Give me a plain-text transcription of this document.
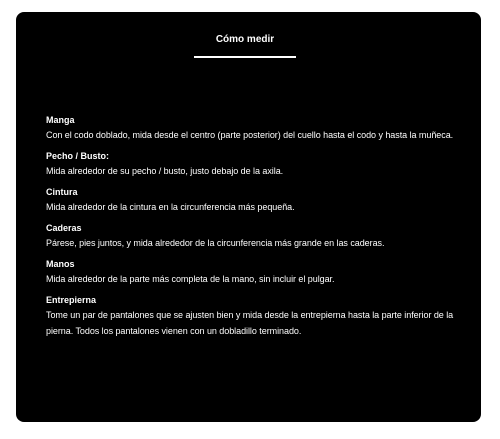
Cómo medir
Manga
Con el codo doblado, mida desde el centro (parte posterior) del cuello hasta el codo y hasta la muñeca.
Pecho / Busto:
Mida alrededor de su pecho / busto, justo debajo de la axila.
Cintura
Mida alrededor de la cintura en la circunferencia más pequeña.
Caderas
Párese, pies juntos, y mida alrededor de la circunferencia más grande en las caderas.
Manos
Mida alrededor de la parte más completa de la mano, sin incluir el pulgar.
Entrepierna
Tome un par de pantalones que se ajusten bien y mida desde la entrepierna hasta la parte inferior de la pierna. Todos los pantalones vienen con un dobladillo terminado.
